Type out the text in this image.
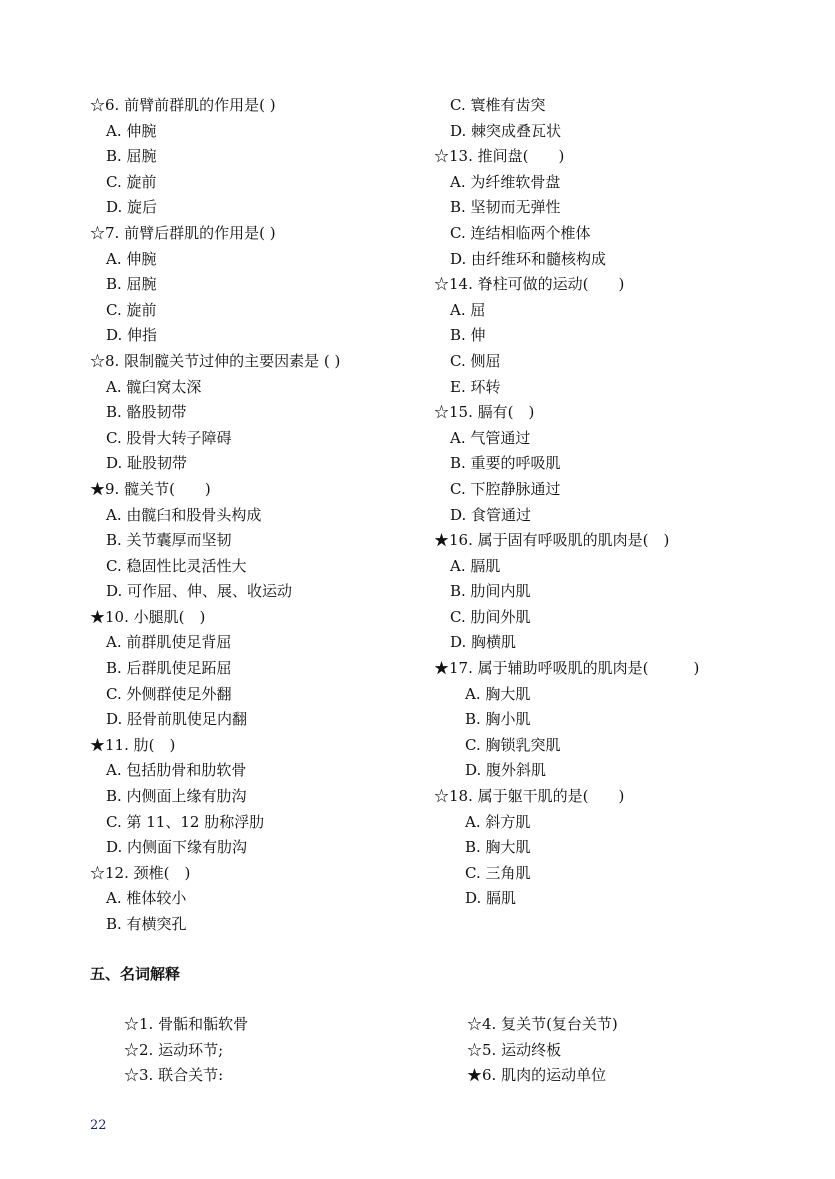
☆6. 前臂前群肌的作用是( )
A. 伸腕
B. 屈腕
C. 旋前
D. 旋后
☆7. 前臂后群肌的作用是( )
A. 伸腕
B. 屈腕
C. 旋前
D. 伸指
☆8. 限制髋关节过伸的主要因素是 ( )
A. 髋臼窝太深
B. 骼股韧带
C. 股骨大转子障碍
D. 耻股韧带
★9. 髋关节(　　)
A. 由髋臼和股骨头构成
B. 关节囊厚而坚韧
C. 稳固性比灵活性大
D. 可作屈、伸、展、收运动
★10. 小腿肌(　)
A. 前群肌使足背屈
B. 后群肌使足跖屈
C. 外侧群使足外翻
D. 胫骨前肌使足内翻
★11. 肋(　)
A. 包括肋骨和肋软骨
B. 内侧面上缘有肋沟
C. 第 11、12 肋称浮肋
D. 内侧面下缘有肋沟
☆12. 颈椎(　)
A. 椎体较小
B. 有横突孔
C. 寰椎有齿突
D. 棘突成叠瓦状
☆13. 推间盘(　　)
A. 为纤维软骨盘
B. 坚韧而无弹性
C. 连结相临两个椎体
D. 由纤维环和髓核构成
☆14. 脊柱可做的运动(　　)
A. 屈
B. 伸
C. 侧屈
E. 环转
☆15. 膈有(　)
A. 气管通过
B. 重要的呼吸肌
C. 下腔静脉通过
D. 食管通过
★16. 属于固有呼吸肌的肌肉是(　)
A. 膈肌
B. 肋间内肌
C. 肋间外肌
D. 胸横肌
★17. 属于辅助呼吸肌的肌肉是(　　　)
A. 胸大肌
B. 胸小肌
C. 胸锁乳突肌
D. 腹外斜肌
☆18. 属于躯干肌的是(　　)
A. 斜方肌
B. 胸大肌
C. 三角肌
D. 膈肌
五、名词解释
☆1. 骨骺和骺软骨
☆2. 运动环节;
☆3. 联合关节:
☆4. 复关节(复台关节)
☆5. 运动终板
★6. 肌肉的运动单位
22
